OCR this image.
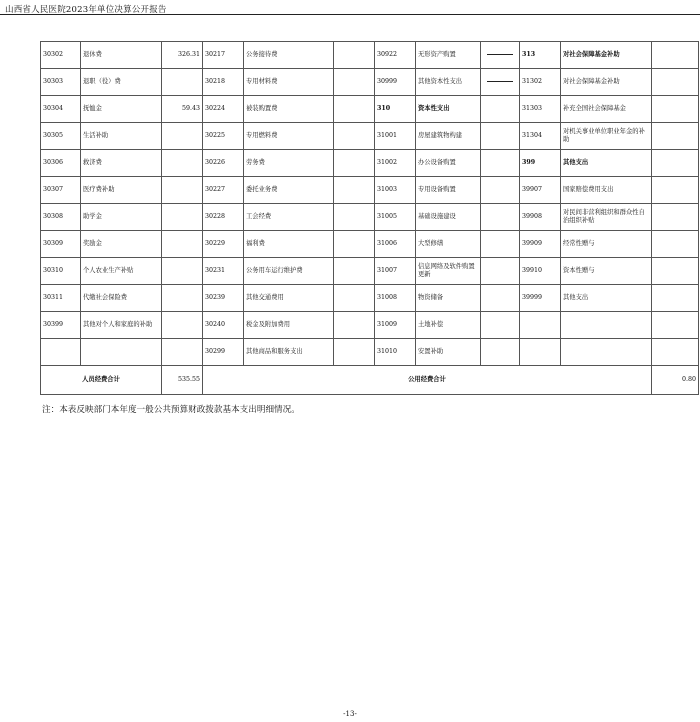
山西省人民医院2023年单位决算公开报告
30302	退休费	326.31	30217	公务接待费		30922	无形资产购置		313	对社会保障基金补助	
30303	退职（役）费		30218	专用材料费		30999	其他资本性支出		31302	对社会保障基金补助	
30304	抚恤金	59.43	30224	被装购置费		310	资本性支出		31303	补充全国社会保障基金	
30305	生活补助		30225	专用燃料费		31001	房屋建筑物构建		31304	对机关事业单位职业年金的补助	
30306	救济费		30226	劳务费		31002	办公设备购置		399	其他支出	
30307	医疗费补助		30227	委托业务费		31003	专用设备购置		39907	国家赔偿费用支出	
30308	助学金		30228	工会经费		31005	基础设施建设		39908	对民间非营利组织和群众性自治组织补贴	
30309	奖励金		30229	福利费		31006	大型修缮		39909	经常性赠与	
30310	个人农业生产补贴		30231	公务用车运行维护费		31007	信息网络及软件购置更新		39910	资本性赠与	
30311	代缴社会保险费		30239	其他交通费用		31008	物资储备		39999	其他支出	
30399	其他对个人和家庭的补助		30240	税金及附加费用		31009	土地补偿				
			30299	其他商品和服务支出		31010	安置补助				
人员经费合计		535.55	公用经费合计								0.80
注：本表反映部门本年度一般公共预算财政拨款基本支出明细情况。
-13-
